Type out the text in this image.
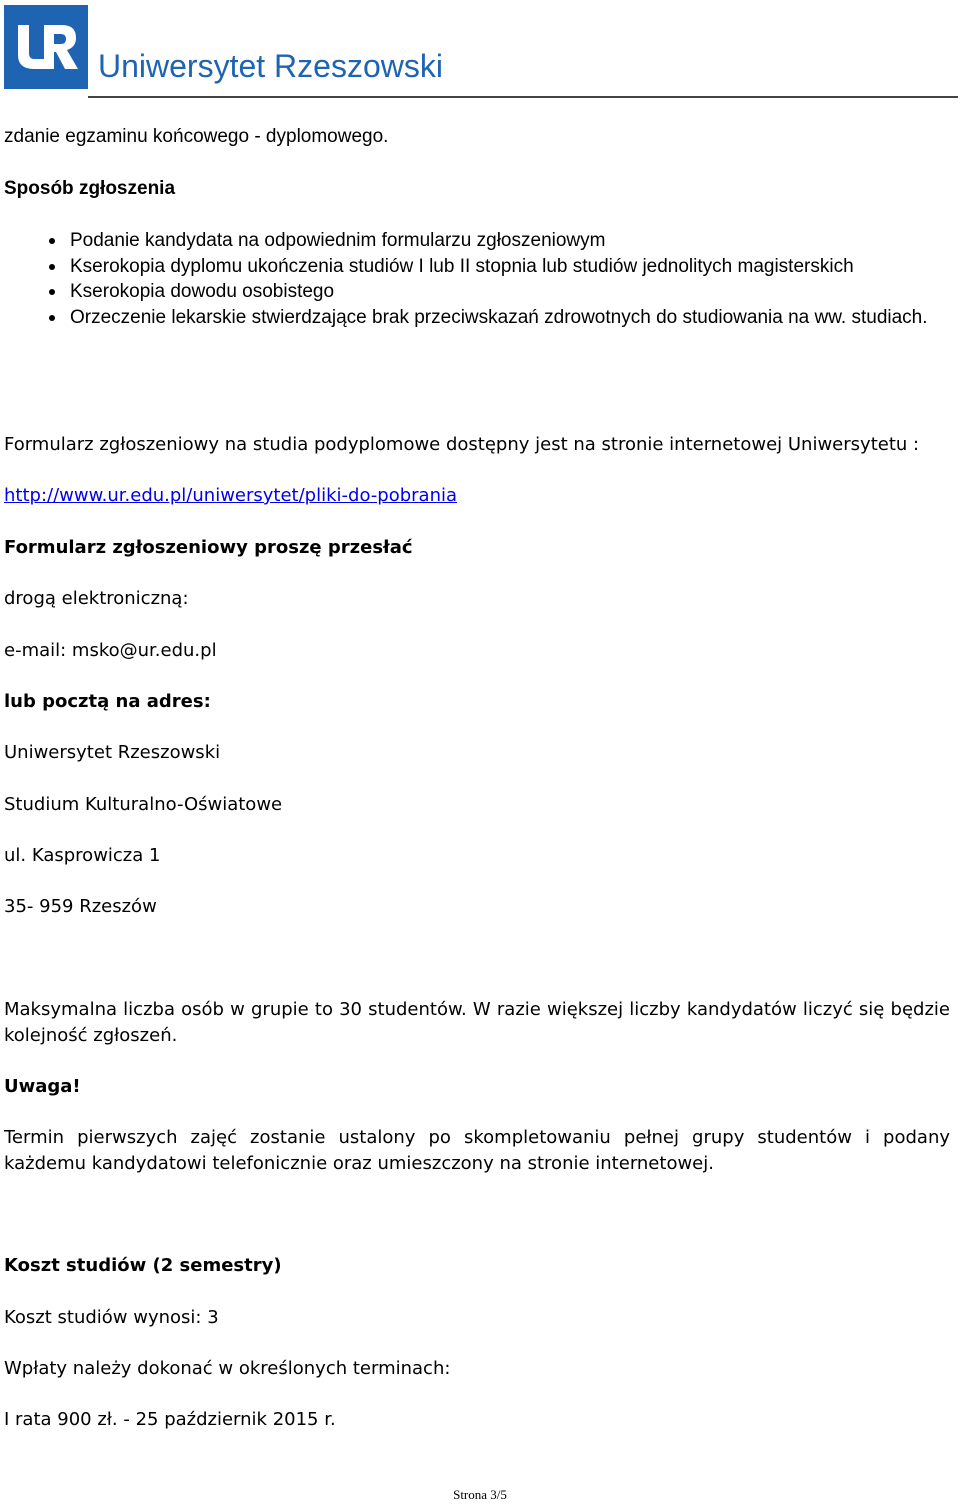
Uniwersytet Rzeszowski
zdanie egzaminu końcowego - dyplomowego.
Sposób zgłoszenia
Podanie kandydata na odpowiednim formularzu zgłoszeniowym
Kserokopia dyplomu ukończenia studiów I lub II stopnia lub studiów jednolitych magisterskich
Kserokopia dowodu osobistego
Orzeczenie lekarskie stwierdzające brak przeciwskazań zdrowotnych do studiowania na ww. studiach.
Formularz zgłoszeniowy na studia podyplomowe dostępny jest na stronie internetowej Uniwersytetu :
http://www.ur.edu.pl/uniwersytet/pliki-do-pobrania
Formularz zgłoszeniowy proszę przesłać
drogą elektroniczną:
e-mail: msko@ur.edu.pl
lub pocztą na adres:
Uniwersytet Rzeszowski
Studium Kulturalno-Oświatowe
ul. Kasprowicza 1
35- 959 Rzeszów
Maksymalna liczba osób w grupie to 30 studentów. W razie większej liczby kandydatów liczyć się będzie kolejność zgłoszeń.
Uwaga!
Termin pierwszych zajęć zostanie ustalony po skompletowaniu pełnej grupy studentów i podany każdemu kandydatowi telefonicznie oraz umieszczony na stronie internetowej.
Koszt studiów (2 semestry)
Koszt studiów wynosi: 3
Wpłaty należy dokonać w określonych terminach:
I rata 900 zł. - 25 październik 2015 r.
Strona 3/5
